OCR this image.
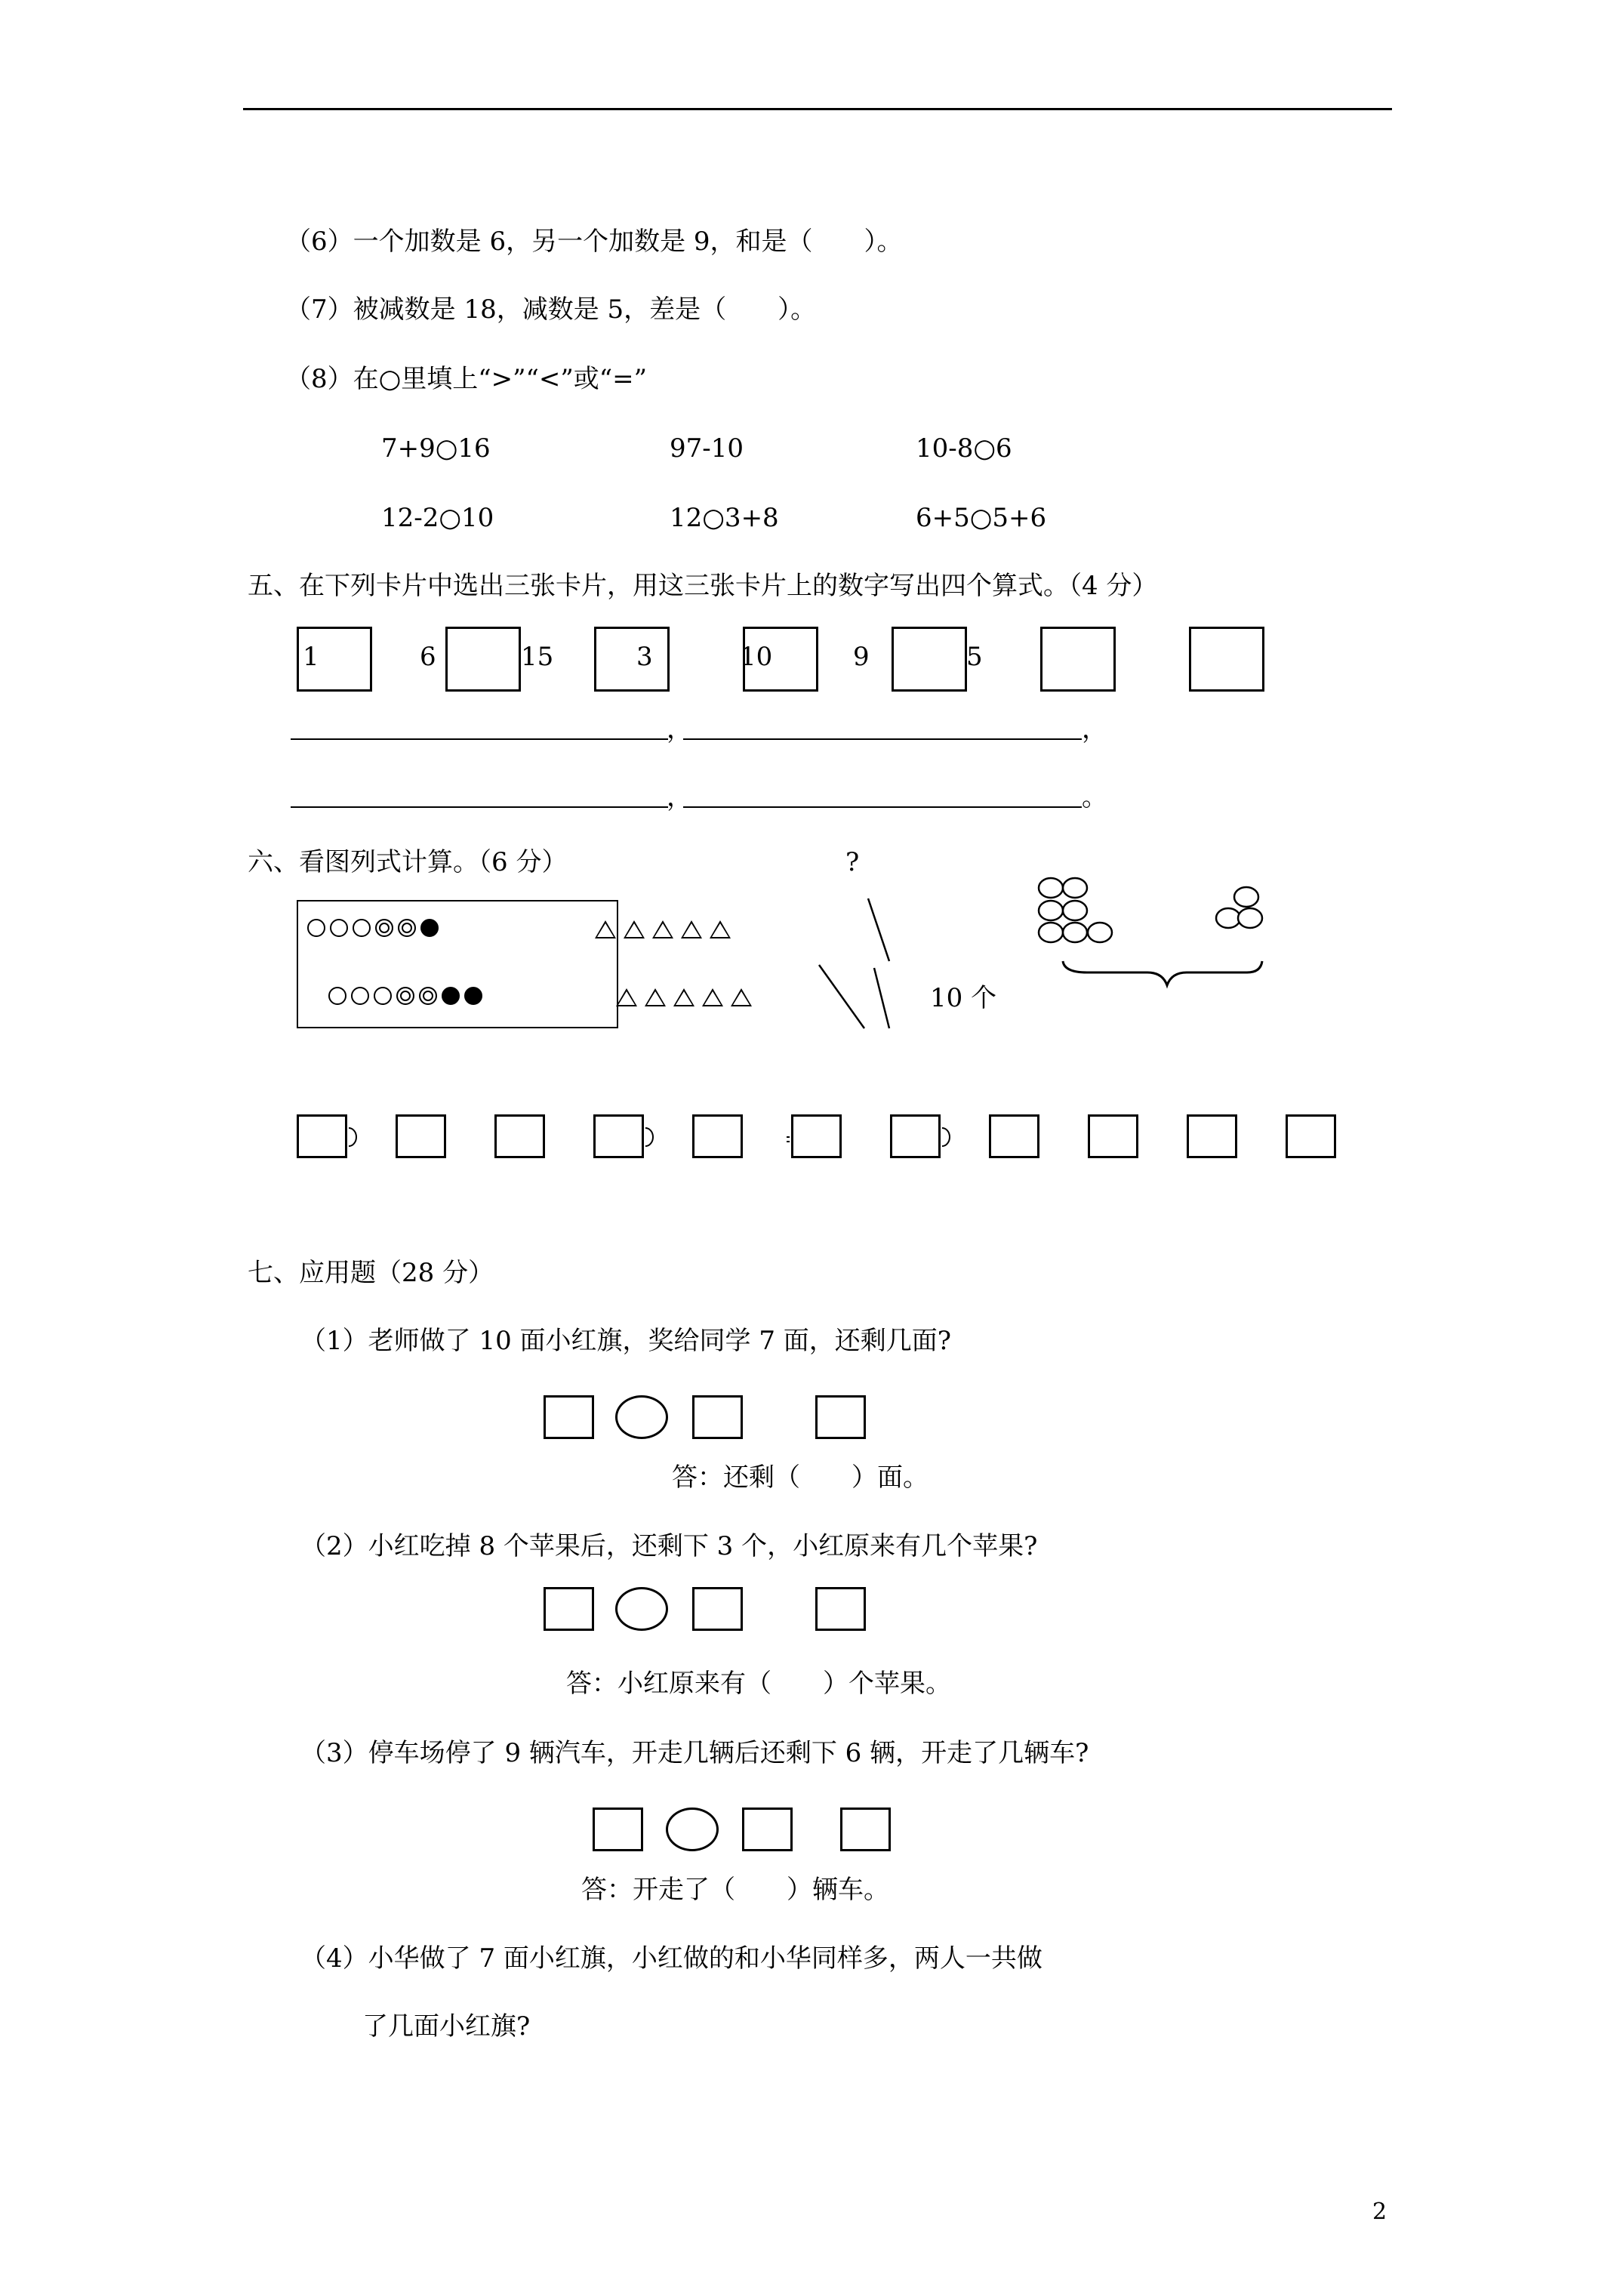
（6）一个加数是 6，另一个加数是 9，和是（　　）。
（7）被减数是 18，减数是 5，差是（　　）。
（8）在○里填上“>”“<”或“=”
7+9○16	97-10	10-8○6
12-2○10	12○3+8	6+5○5+6
五、在下列卡片中选出三张卡片，用这三张卡片上的数字写出四个算式。（4 分）
1	6	15	3	10	9	5
，	，
，	。
六、看图列式计算。（6 分）	?
10 个
七、应用题（28 分）
（1）老师做了 10 面小红旗，奖给同学 7 面，还剩几面?
答：还剩（　　）面。
（2）小红吃掉 8 个苹果后，还剩下 3 个，小红原来有几个苹果?
答：小红原来有（　　）个苹果。
（3）停车场停了 9 辆汽车，开走几辆后还剩下 6 辆，开走了几辆车?
答：开走了（　　）辆车。
（4）小华做了 7 面小红旗，小红做的和小华同样多，两人一共做
了几面小红旗?
2
